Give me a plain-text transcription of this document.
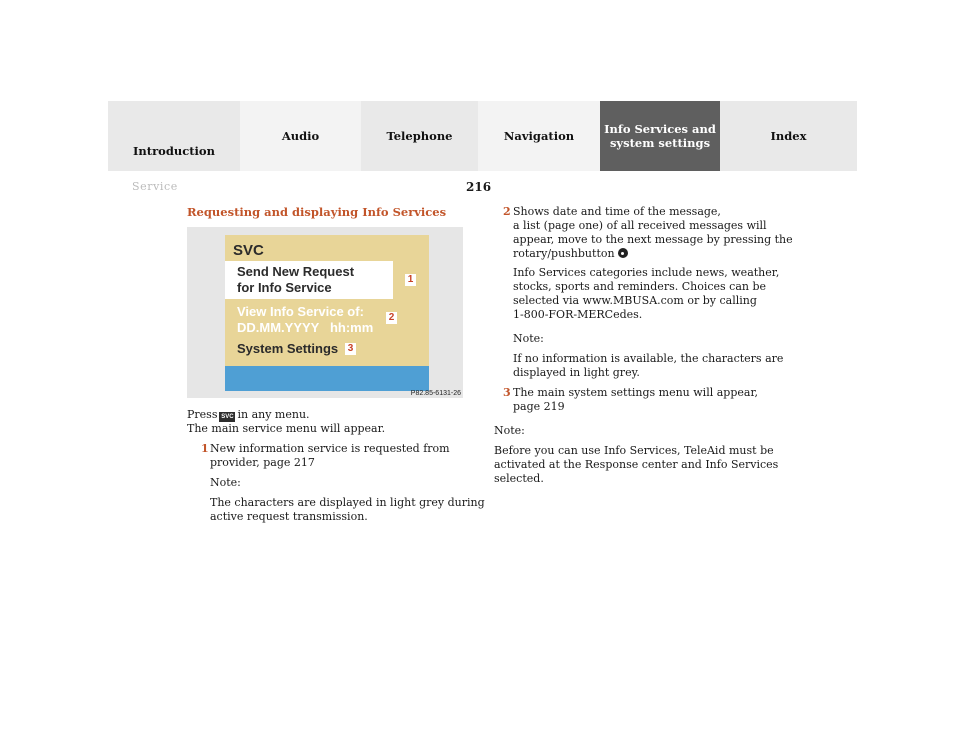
Introduction
Audio	Telephone	Navigation	Info Services and
system settings	Index
Service	216
Requesting and displaying Info Services
SVC
Send New Request
for Info Service
View Info Service of:
DD.MM.YYYY   hh:mm
System Settings
1
2
3
P82.85-6131-26
Press SVC in any menu.
The main service menu will appear.
1 New information service is requested from
provider, page 217
Note:
The characters are displayed in light grey during
active request transmission.
2 Shows date and time of the message,
a list (page one) of all received messages will
appear, move to the next message by pressing the
rotary/pushbutton
Info Services categories include news, weather,
stocks, sports and reminders. Choices can be
selected via www.MBUSA.com or by calling
1-800-FOR-MERCedes.
Note:
If no information is available, the characters are
displayed in light grey.
3 The main system settings menu will appear,
page 219
Note:
Before you can use Info Services, TeleAid must be
activated at the Response center and Info Services
selected.
